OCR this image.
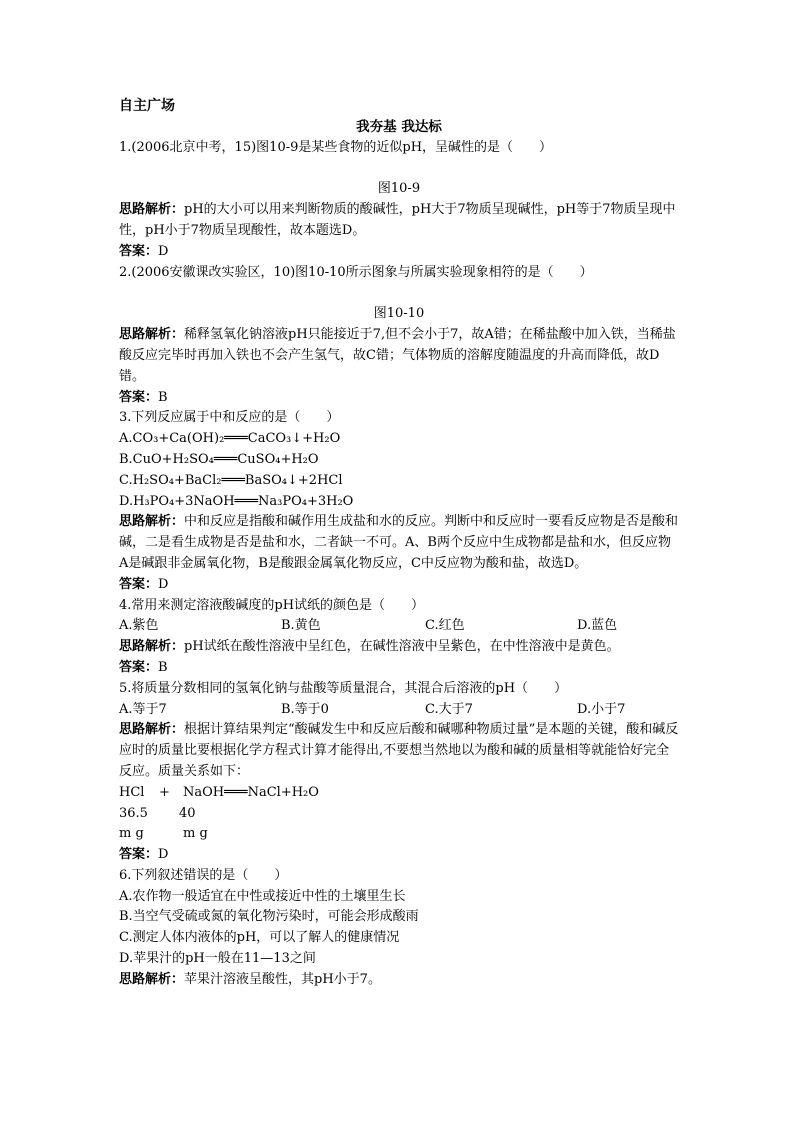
自主广场

我夯基 我达标

1.(2006北京中考，15)图10-9是某些食物的近似pH，呈碱性的是（　　）

图10-9

思路解析：pH的大小可以用来判断物质的酸碱性，pH大于7物质呈现碱性，pH等于7物质呈现中性，pH小于7物质呈现酸性，故本题选D。

答案：D

2.(2006安徽课改实验区，10)图10-10所示图象与所属实验现象相符的是（　　）

图10-10

思路解析：稀释氢氧化钠溶液pH只能接近于7,但不会小于7，故A错；在稀盐酸中加入铁，当稀盐酸反应完毕时再加入铁也不会产生氢气，故C错；气体物质的溶解度随温度的升高而降低，故D错。

答案：B

3.下列反应属于中和反应的是（　　）

A.CO₃+Ca(OH)₂═══CaCO₃↓+H₂O

B.CuO+H₂SO₄═══CuSO₄+H₂O

C.H₂SO₄+BaCl₂═══BaSO₄↓+2HCl

D.H₃PO₄+3NaOH═══Na₃PO₄+3H₂O

思路解析：中和反应是指酸和碱作用生成盐和水的反应。判断中和反应时一要看反应物是否是酸和碱，二是看生成物是否是盐和水，二者缺一不可。A、B两个反应中生成物都是盐和水，但反应物A是碱跟非金属氧化物，B是酸跟金属氧化物反应，C中反应物为酸和盐，故选D。

答案：D

4.常用来测定溶液酸碱度的pH试纸的颜色是（　　）

A.紫色	B.黄色	C.红色	D.蓝色

思路解析：pH试纸在酸性溶液中呈红色，在碱性溶液中呈紫色，在中性溶液中是黄色。

答案：B

5.将质量分数相同的氢氧化钠与盐酸等质量混合，其混合后溶液的pH（　　）

A.等于7	B.等于0	C.大于7	D.小于7

思路解析：根据计算结果判定“酸碱发生中和反应后酸和碱哪种物质过量”是本题的关键，酸和碱反应时的质量比要根据化学方程式计算才能得出,不要想当然地以为酸和碱的质量相等就能恰好完全反应。质量关系如下：

HCl + NaOH═══NaCl+H₂O
36.5 40
m g	m g

答案：D

6.下列叙述错误的是（　　）

A.农作物一般适宜在中性或接近中性的土壤里生长

B.当空气受硫或氮的氧化物污染时，可能会形成酸雨

C.测定人体内液体的pH，可以了解人的健康情况

D.苹果汁的pH一般在11—13之间

思路解析：苹果汁溶液呈酸性，其pH小于7。
